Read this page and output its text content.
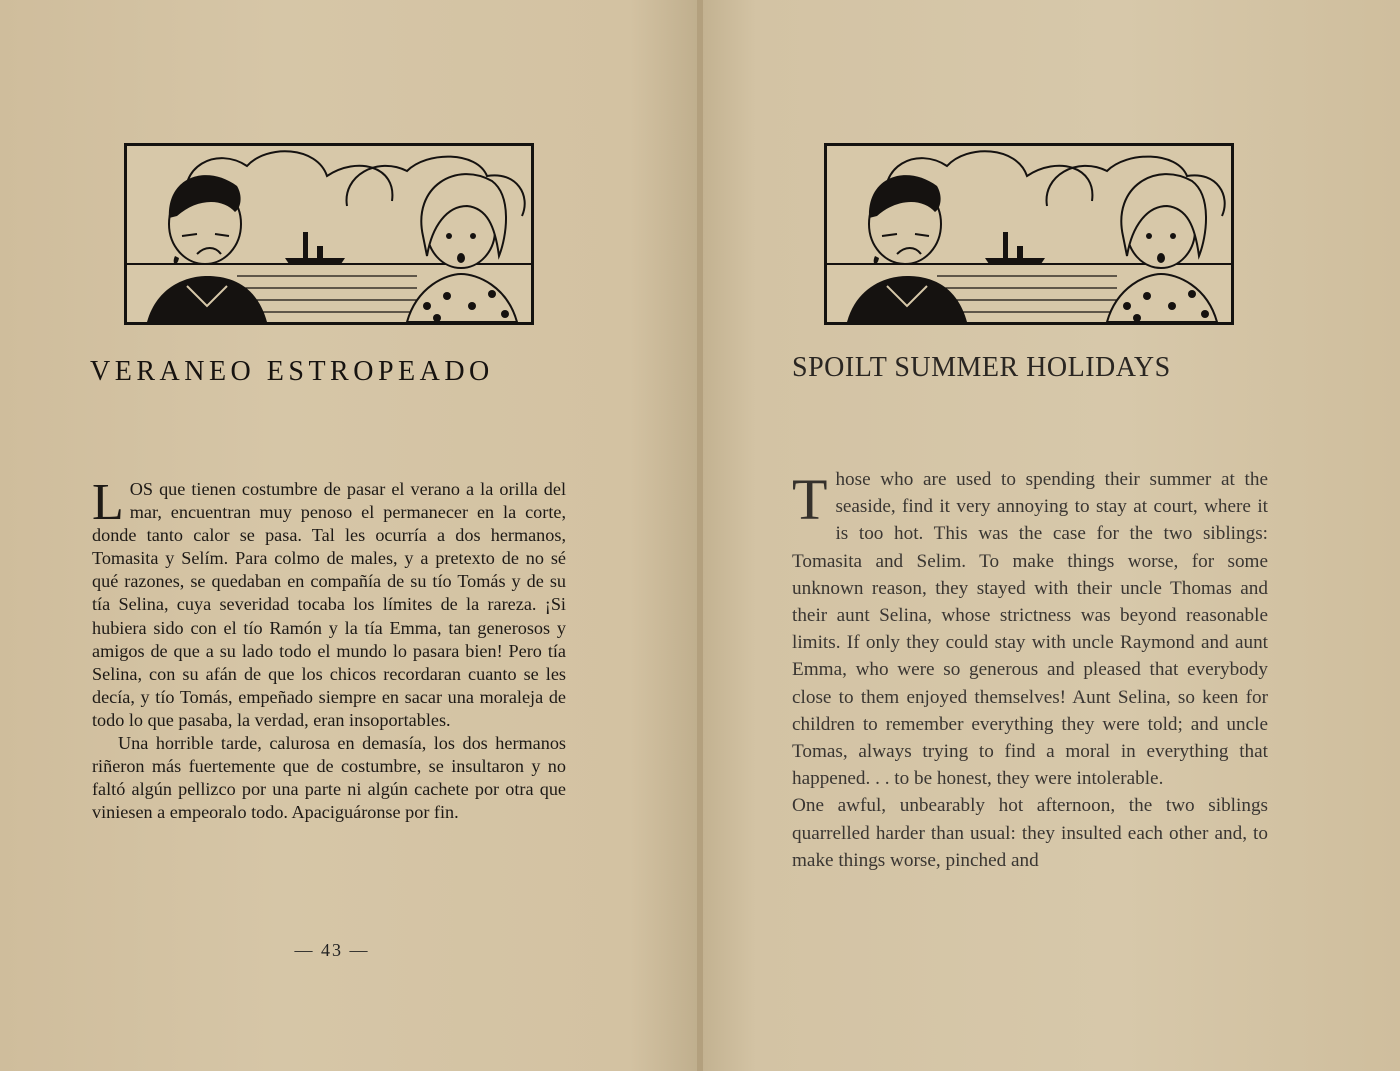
VERANEO ESTROPEADO

LOS que tienen costumbre de pasar el verano a la orilla del mar, encuentran muy penoso el permanecer en la corte, donde tanto calor se pasa. Tal les ocurría a dos hermanos, Tomasita y Selím. Para colmo de males, y a pretexto de no sé qué razones, se quedaban en compañía de su tío Tomás y de su tía Selina, cuya severidad tocaba los límites de la rareza. ¡Si hubiera sido con el tío Ramón y la tía Emma, tan generosos y amigos de que a su lado todo el mundo lo pasara bien! Pero tía Selina, con su afán de que los chicos recordaran cuanto se les decía, y tío Tomás, empeñado siempre en sacar una moraleja de todo lo que pasaba, la verdad, eran insoportables.

Una horrible tarde, calurosa en demasía, los dos hermanos riñeron más fuertemente que de costumbre, se insultaron y no faltó algún pellizco por una parte ni algún cachete por otra que viniesen a empeoralo todo. Apaciguáronse por fin.

— 43 —
SPOILT SUMMER HOLIDAYS

Those who are used to spending their summer at the seaside, find it very annoying to stay at court, where it is too hot. This was the case for the two siblings: Tomasita and Selim. To make things worse, for some unknown reason, they stayed with their uncle Thomas and their aunt Selina, whose strictness was beyond reasonable limits. If only they could stay with uncle Raymond and aunt Emma, who were so generous and pleased that everybody close to them enjoyed themselves! Aunt Selina, so keen for children to remember everything they were told; and uncle Tomas, always trying to find a moral in everything that happened. . . to be honest, they were intolerable.

One awful, unbearably hot afternoon, the two siblings quarrelled harder than usual: they insulted each other and, to make things worse, pinched and
